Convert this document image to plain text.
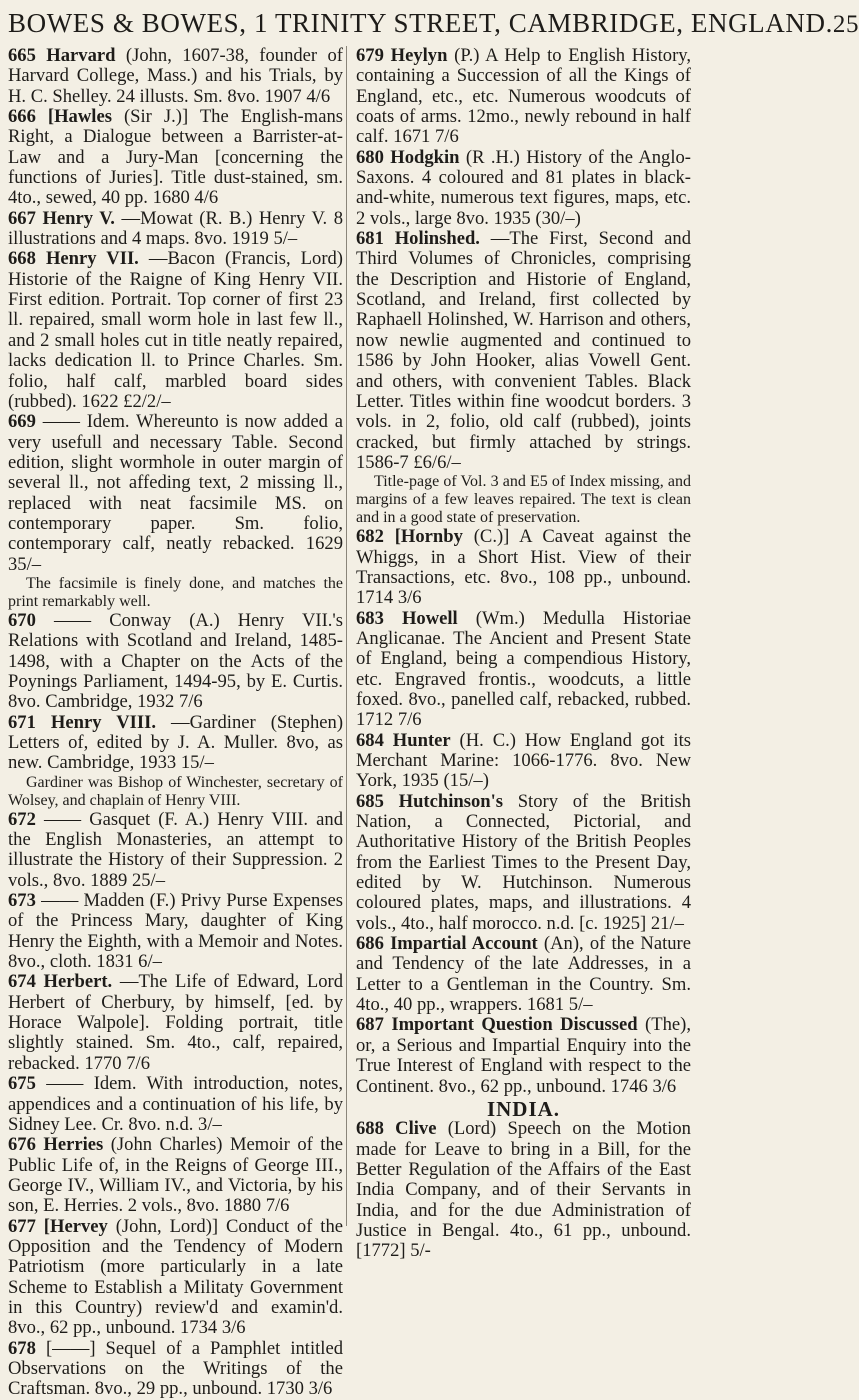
BOWES & BOWES, 1 TRINITY STREET, CAMBRIDGE, ENGLAND. 25

665 Harvard (John, 1607-38, founder of Harvard College, Mass.) and his Trials, by H. C. Shelley. 24 illusts. Sm. 8vo. 1907 4/6

666 [Hawles (Sir J.)] The English-mans Right, a Dialogue between a Barrister-at-Law and a Jury-Man [concerning the functions of Juries]. Title dust-stained, sm. 4to., sewed, 40 pp. 1680 4/6

667 Henry V. —Mowat (R. B.) Henry V. 8 illustrations and 4 maps. 8vo. 1919 5/–

668 Henry VII. —Bacon (Francis, Lord) Historie of the Raigne of King Henry VII. First edition. Portrait. Top corner of first 23 ll. repaired, small worm hole in last few ll., and 2 small holes cut in title neatly repaired, lacks dedication ll. to Prince Charles. Sm. folio, half calf, marbled board sides (rubbed). 1622 £2/2/–

669 —— Idem. Whereunto is now added a very usefull and necessary Table. Second edition, slight wormhole in outer margin of several ll., not affeding text, 2 missing ll., replaced with neat facsimile MS. on contemporary paper. Sm. folio, contemporary calf, neatly rebacked. 1629 35/–

The facsimile is finely done, and matches the print remarkably well.

670 —— Conway (A.) Henry VII.'s Relations with Scotland and Ireland, 1485-1498, with a Chapter on the Acts of the Poynings Parliament, 1494-95, by E. Curtis. 8vo. Cambridge, 1932 7/6

671 Henry VIII. —Gardiner (Stephen) Letters of, edited by J. A. Muller. 8vo, as new. Cambridge, 1933 15/–

Gardiner was Bishop of Winchester, secretary of Wolsey, and chaplain of Henry VIII.

672 —— Gasquet (F. A.) Henry VIII. and the English Monasteries, an attempt to illustrate the History of their Suppression. 2 vols., 8vo. 1889 25/–

673 —— Madden (F.) Privy Purse Expenses of the Princess Mary, daughter of King Henry the Eighth, with a Memoir and Notes. 8vo., cloth. 1831 6/–

674 Herbert. —The Life of Edward, Lord Herbert of Cherbury, by himself, [ed. by Horace Walpole]. Folding portrait, title slightly stained. Sm. 4to., calf, repaired, rebacked. 1770 7/6

675 —— Idem. With introduction, notes, appendices and a continuation of his life, by Sidney Lee. Cr. 8vo. n.d. 3/–

676 Herries (John Charles) Memoir of the Public Life of, in the Reigns of George III., George IV., William IV., and Victoria, by his son, E. Herries. 2 vols., 8vo. 1880 7/6

677 [Hervey (John, Lord)] Conduct of the Opposition and the Tendency of Modern Patriotism (more particularly in a late Scheme to Establish a Militaty Government in this Country) review'd and examin'd. 8vo., 62 pp., unbound. 1734 3/6

678 [——] Sequel of a Pamphlet intitled Observations on the Writings of the Craftsman. 8vo., 29 pp., unbound. 1730 3/6

679 Heylyn (P.) A Help to English History, containing a Succession of all the Kings of England, etc., etc. Numerous woodcuts of coats of arms. 12mo., newly rebound in half calf. 1671 7/6

680 Hodgkin (R .H.) History of the Anglo-Saxons. 4 coloured and 81 plates in black-and-white, numerous text figures, maps, etc. 2 vols., large 8vo. 1935 (30/–)

681 Holinshed. —The First, Second and Third Volumes of Chronicles, comprising the Description and Historie of England, Scotland, and Ireland, first collected by Raphaell Holinshed, W. Harrison and others, now newlie augmented and continued to 1586 by John Hooker, alias Vowell Gent. and others, with convenient Tables. Black Letter. Titles within fine woodcut borders. 3 vols. in 2, folio, old calf (rubbed), joints cracked, but firmly attached by strings. 1586-7 £6/6/–

Title-page of Vol. 3 and E5 of Index missing, and margins of a few leaves repaired. The text is clean and in a good state of preservation.

682 [Hornby (C.)] A Caveat against the Whiggs, in a Short Hist. View of their Transactions, etc. 8vo., 108 pp., unbound. 1714 3/6

683 Howell (Wm.) Medulla Historiae Anglicanae. The Ancient and Present State of England, being a compendious History, etc. Engraved frontis., woodcuts, a little foxed. 8vo., panelled calf, rebacked, rubbed. 1712 7/6

684 Hunter (H. C.) How England got its Merchant Marine: 1066-1776. 8vo. New York, 1935 (15/–)

685 Hutchinson's Story of the British Nation, a Connected, Pictorial, and Authoritative History of the British Peoples from the Earliest Times to the Present Day, edited by W. Hutchinson. Numerous coloured plates, maps, and illustrations. 4 vols., 4to., half morocco. n.d. [c. 1925] 21/–

686 Impartial Account (An), of the Nature and Tendency of the late Addresses, in a Letter to a Gentleman in the Country. Sm. 4to., 40 pp., wrappers. 1681 5/–

687 Important Question Discussed (The), or, a Serious and Impartial Enquiry into the True Interest of England with respect to the Continent. 8vo., 62 pp., unbound. 1746 3/6

INDIA.

688 Clive (Lord) Speech on the Motion made for Leave to bring in a Bill, for the Better Regulation of the Affairs of the East India Company, and of their Servants in India, and for the due Administration of Justice in Bengal. 4to., 61 pp., unbound. [1772] 5/-
